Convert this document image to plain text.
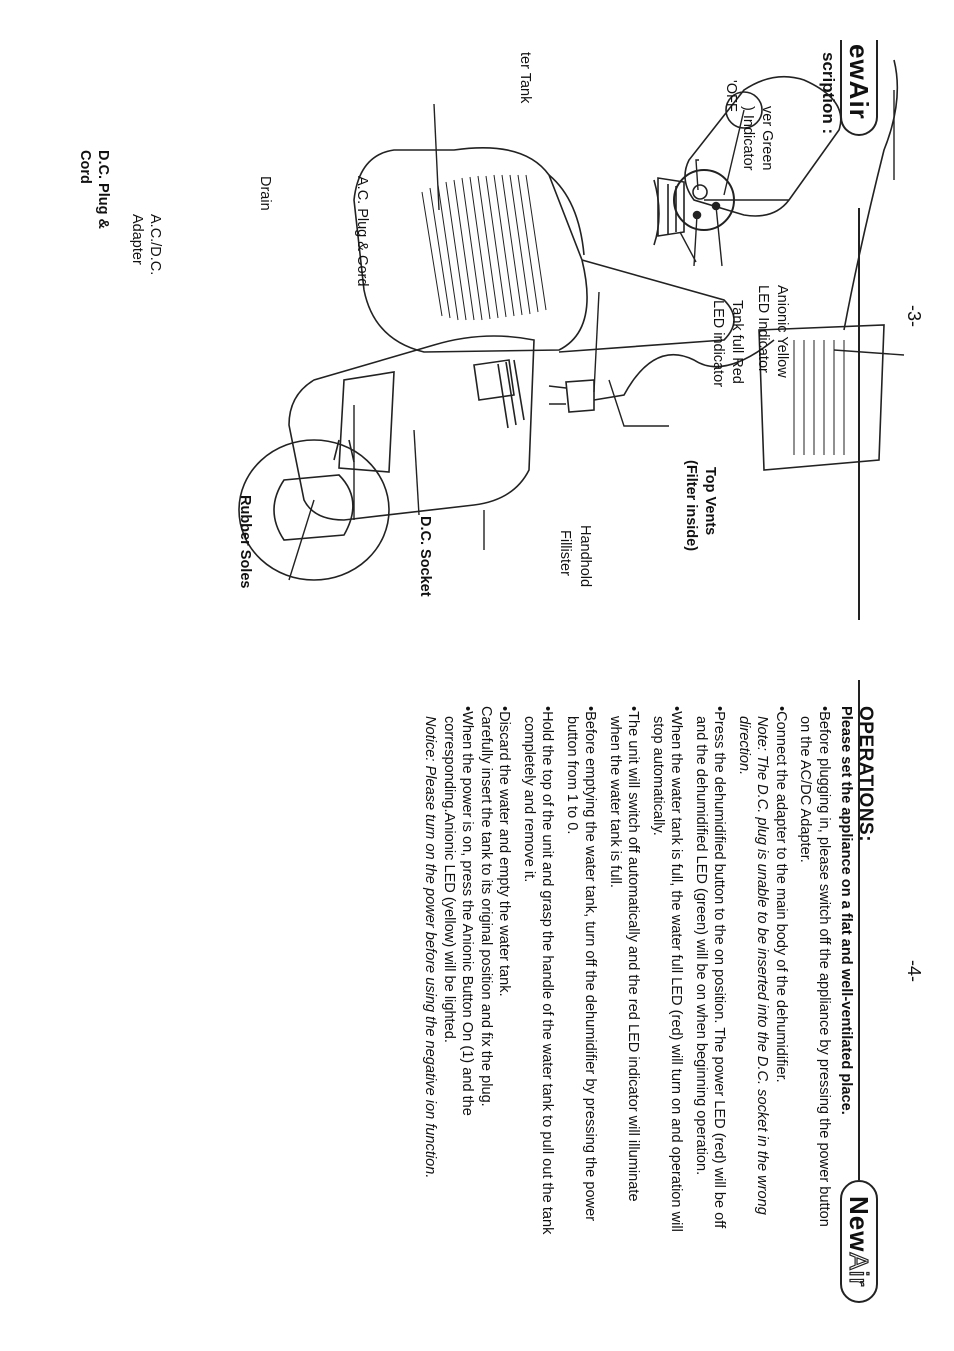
ewAir
scription :
ver Green
) Indicator
'OFF
ter Tank
Anionic Yellow
LED Indicator
Tank full Red
LED indicator
Top Vents
(Filter inside)
Handhold
Fillister
D.C. Socket
Rubber Soles
Drain	A.C. Plug & Cord
A.C./D.C.
Adapter
D.C. Plug &
Cord
-3-
New
Air
OPERATIONS:
Please set the appliance on a flat and well-ventilated place.

•Before plugging in, please switch off the appliance by pressing the power button
on the AC/DC Adapter.

•Connect the adapter to the main body of the dehumidifier.
Note: The D.C. plug is unable to be inserted into the D.C. socket in the wrong
direction.

•Press the dehumidified button to the on position. The power LED (red) will be off
and the dehumidified LED (green) will be on when beginning operation.

•When the water tank is full, the water full LED (red) will turn on and operation will
stop automatically.

•The unit will switch off automatically and the red LED indicator will illuminate
when the water tank is full.

•Before emptying the water tank, turn off the dehumidifier by pressing the power
button from 1 to 0.

•Hold the top of the unit and grasp the handle of the water tank to pull out the tank
completely and remove it.

•Discard the water and empty the water tank.
Carefully insert the tank to its original position and fix the plug.

•When the power is on, press the Anionic Button On (1) and the
corresponding.Anionic LED (yellow) will be lighted.
Notice: Please turn on the power before using the negative ion function.	-4-
